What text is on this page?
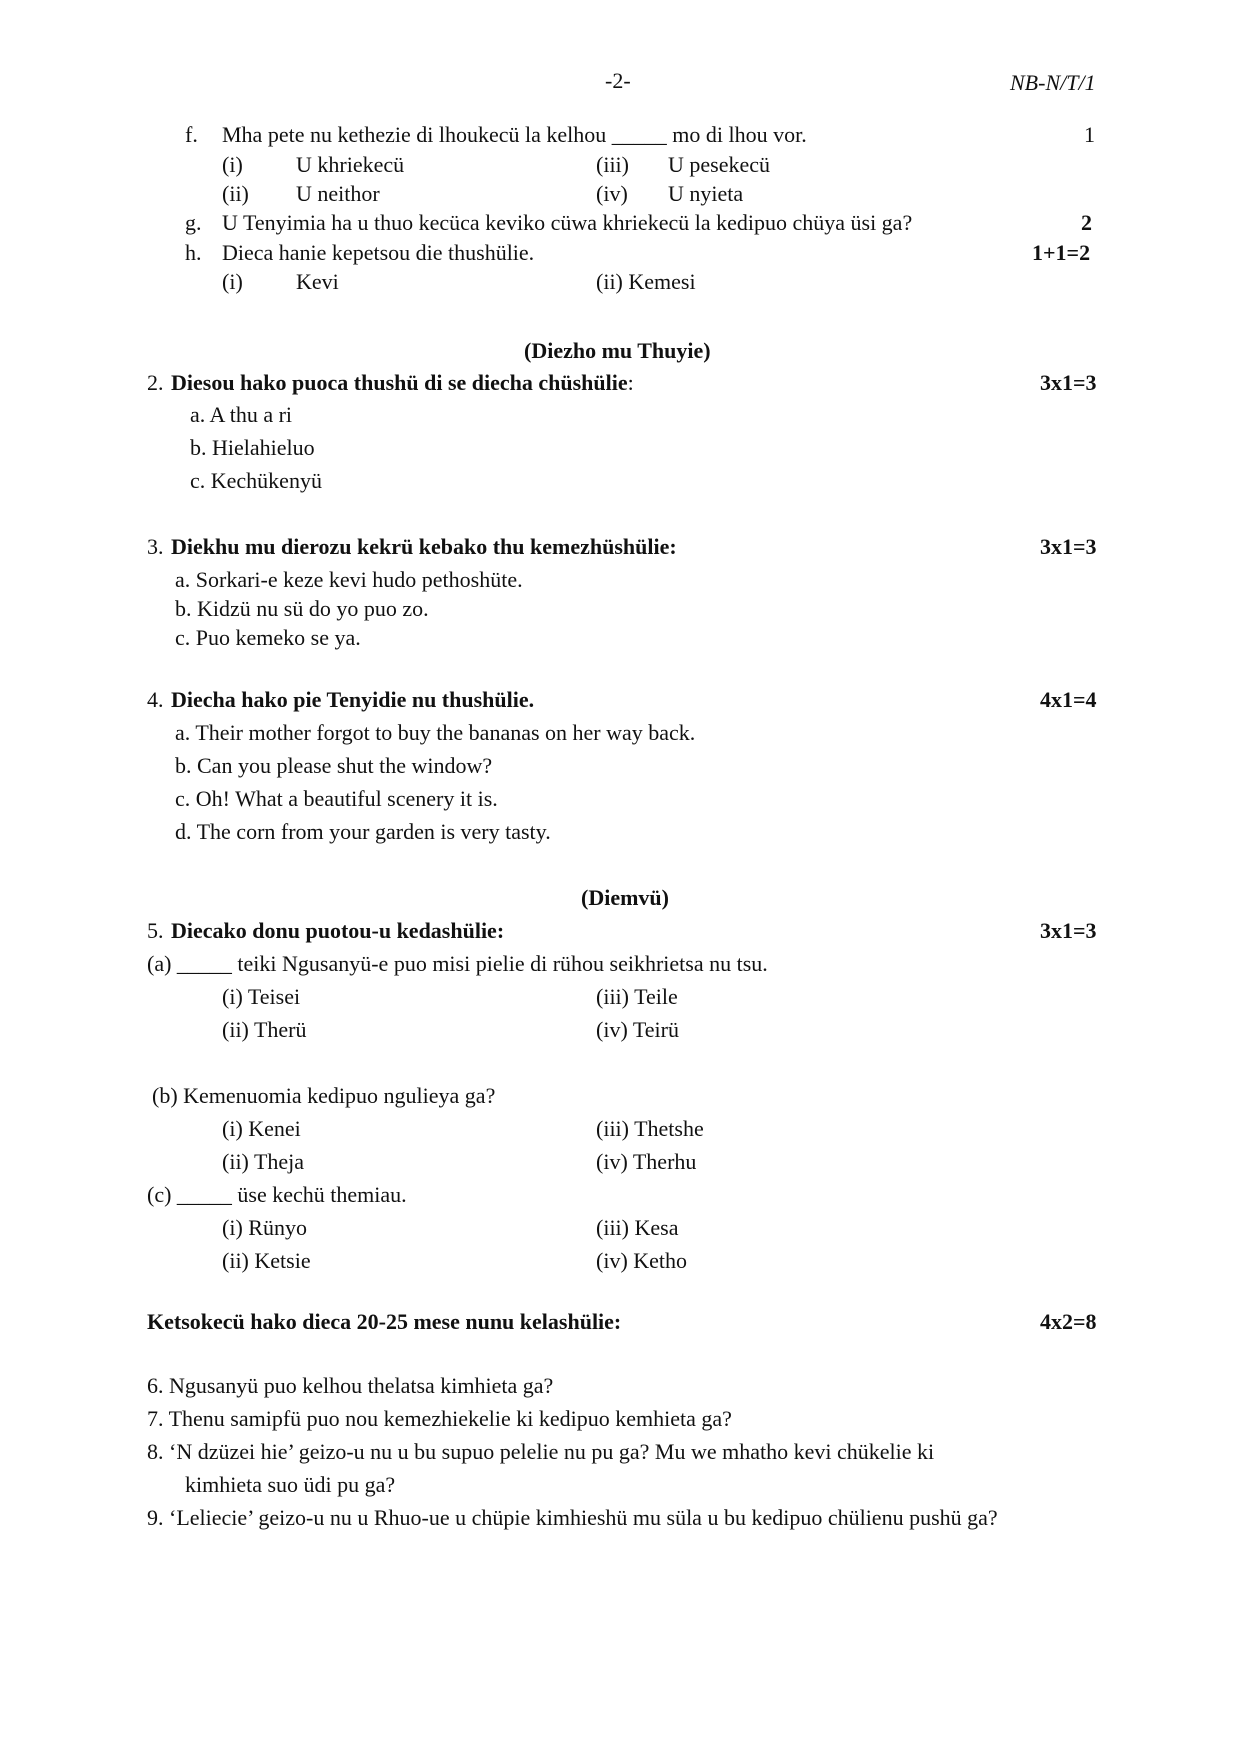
-2-	NB-N/T/1
f. Mha pete nu kethezie di lhoukecü la kelhou _____ mo di lhou vor.	1
(i) U khriekecü	(iii) U pesekecü
(ii) U neithor	(iv) U nyieta
g. U Tenyimia ha u thuo kecüca keviko cüwa khriekecü la kedipuo chüya üsi ga?	2
h. Dieca hanie kepetsou die thushülie.	1+1=2
(i) Kevi	(ii) Kemesi
(Diezho mu Thuyie)
2. Diesou hako puoca thushü di se diecha chüshülie:	3x1=3
a. A thu a ri
b. Hielahieluo
c. Kechükenyü
3. Diekhu mu dierozu kekrü kebako thu kemezhüshülie:	3x1=3
a. Sorkari-e keze kevi hudo pethoshüte.
b. Kidzü nu sü do yo puo zo.
c. Puo kemeko se ya.
4. Diecha hako pie Tenyidie nu thushülie.	4x1=4
a. Their mother forgot to buy the bananas on her way back.
b. Can you please shut the window?
c. Oh! What a beautiful scenery it is.
d. The corn from your garden is very tasty.
(Diemvü)
5. Diecako donu puotou-u kedashülie:	3x1=3
(a) _____ teiki Ngusanyü-e puo misi pielie di rühou seikhrietsa nu tsu.
(i) Teisei	(iii) Teile
(ii) Therü	(iv) Teirü
(b) Kemenuomia kedipuo ngulieya ga?
(i) Kenei	(iii) Thetshe
(ii) Theja	(iv) Therhu
(c) _____ üse kechü themiau.
(i) Rünyo	(iii) Kesa
(ii) Ketsie	(iv) Ketho
Ketsokecü hako dieca 20-25 mese nunu kelashülie:	4x2=8
6. Ngusanyü puo kelhou thelatsa kimhieta ga?
7. Thenu samipfü puo nou kemezhiekelie ki kedipuo kemhieta ga?
8. ‘N dzüzei hie’ geizo-u nu u bu supuo pelelie nu pu ga? Mu we mhatho kevi chükelie ki
kimhieta suo üdi pu ga?
9. ‘Leliecie’ geizo-u nu u Rhuo-ue u chüpie kimhieshü mu süla u bu kedipuo chülienu pushü ga?
